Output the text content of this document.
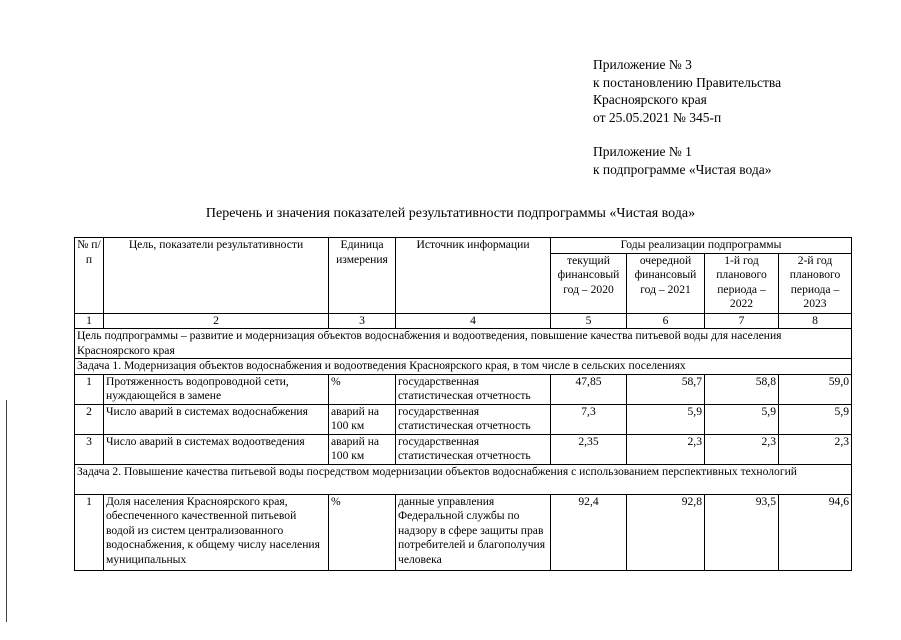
Приложение № 3
к постановлению Правительства
Красноярского края
от 25.05.2021 № 345-п
Приложение № 1
к подпрограмме «Чистая вода»
Перечень и значения показателей результативности подпрограммы «Чистая вода»
№ п/п	Цель, показатели результативности	Единица измерения	Источник информации	Годы реализации подпрограммы			
				текущий финансовый год – 2020	очередной финансовый год – 2021	1-й год планового периода – 2022	2-й год планового периода – 2023
1	2	3	4	5	6	7	8
Цель подпрограммы – развитие и модернизация объектов водоснабжения и водоотведения, повышение качества питьевой воды для населения Красноярского края							
Задача 1. Модернизация объектов водоснабжения и водоотведения Красноярского края, в том числе в сельских поселениях							
1	Протяженность водопроводной сети, нуждающейся в замене	%	государственная статистическая отчетность	47,85	58,7	58,8	59,0
2	Число аварий в системах водоснабжения	аварий на 100 км	государственная статистическая отчетность	7,3	5,9	5,9	5,9
3	Число аварий в системах водоотведения	аварий на 100 км	государственная статистическая отчетность	2,35	2,3	2,3	2,3
Задача 2. Повышение качества питьевой воды посредством модернизации объектов водоснабжения с использованием перспективных технологий							
1	Доля населения Красноярского края, обеспеченного качественной питьевой водой из систем централизованного водоснабжения, к общему числу населения муниципальных	%	данные управления Федеральной службы по надзору в сфере защиты прав потребителей и благополучия человека	92,4	92,8	93,5	94,6
